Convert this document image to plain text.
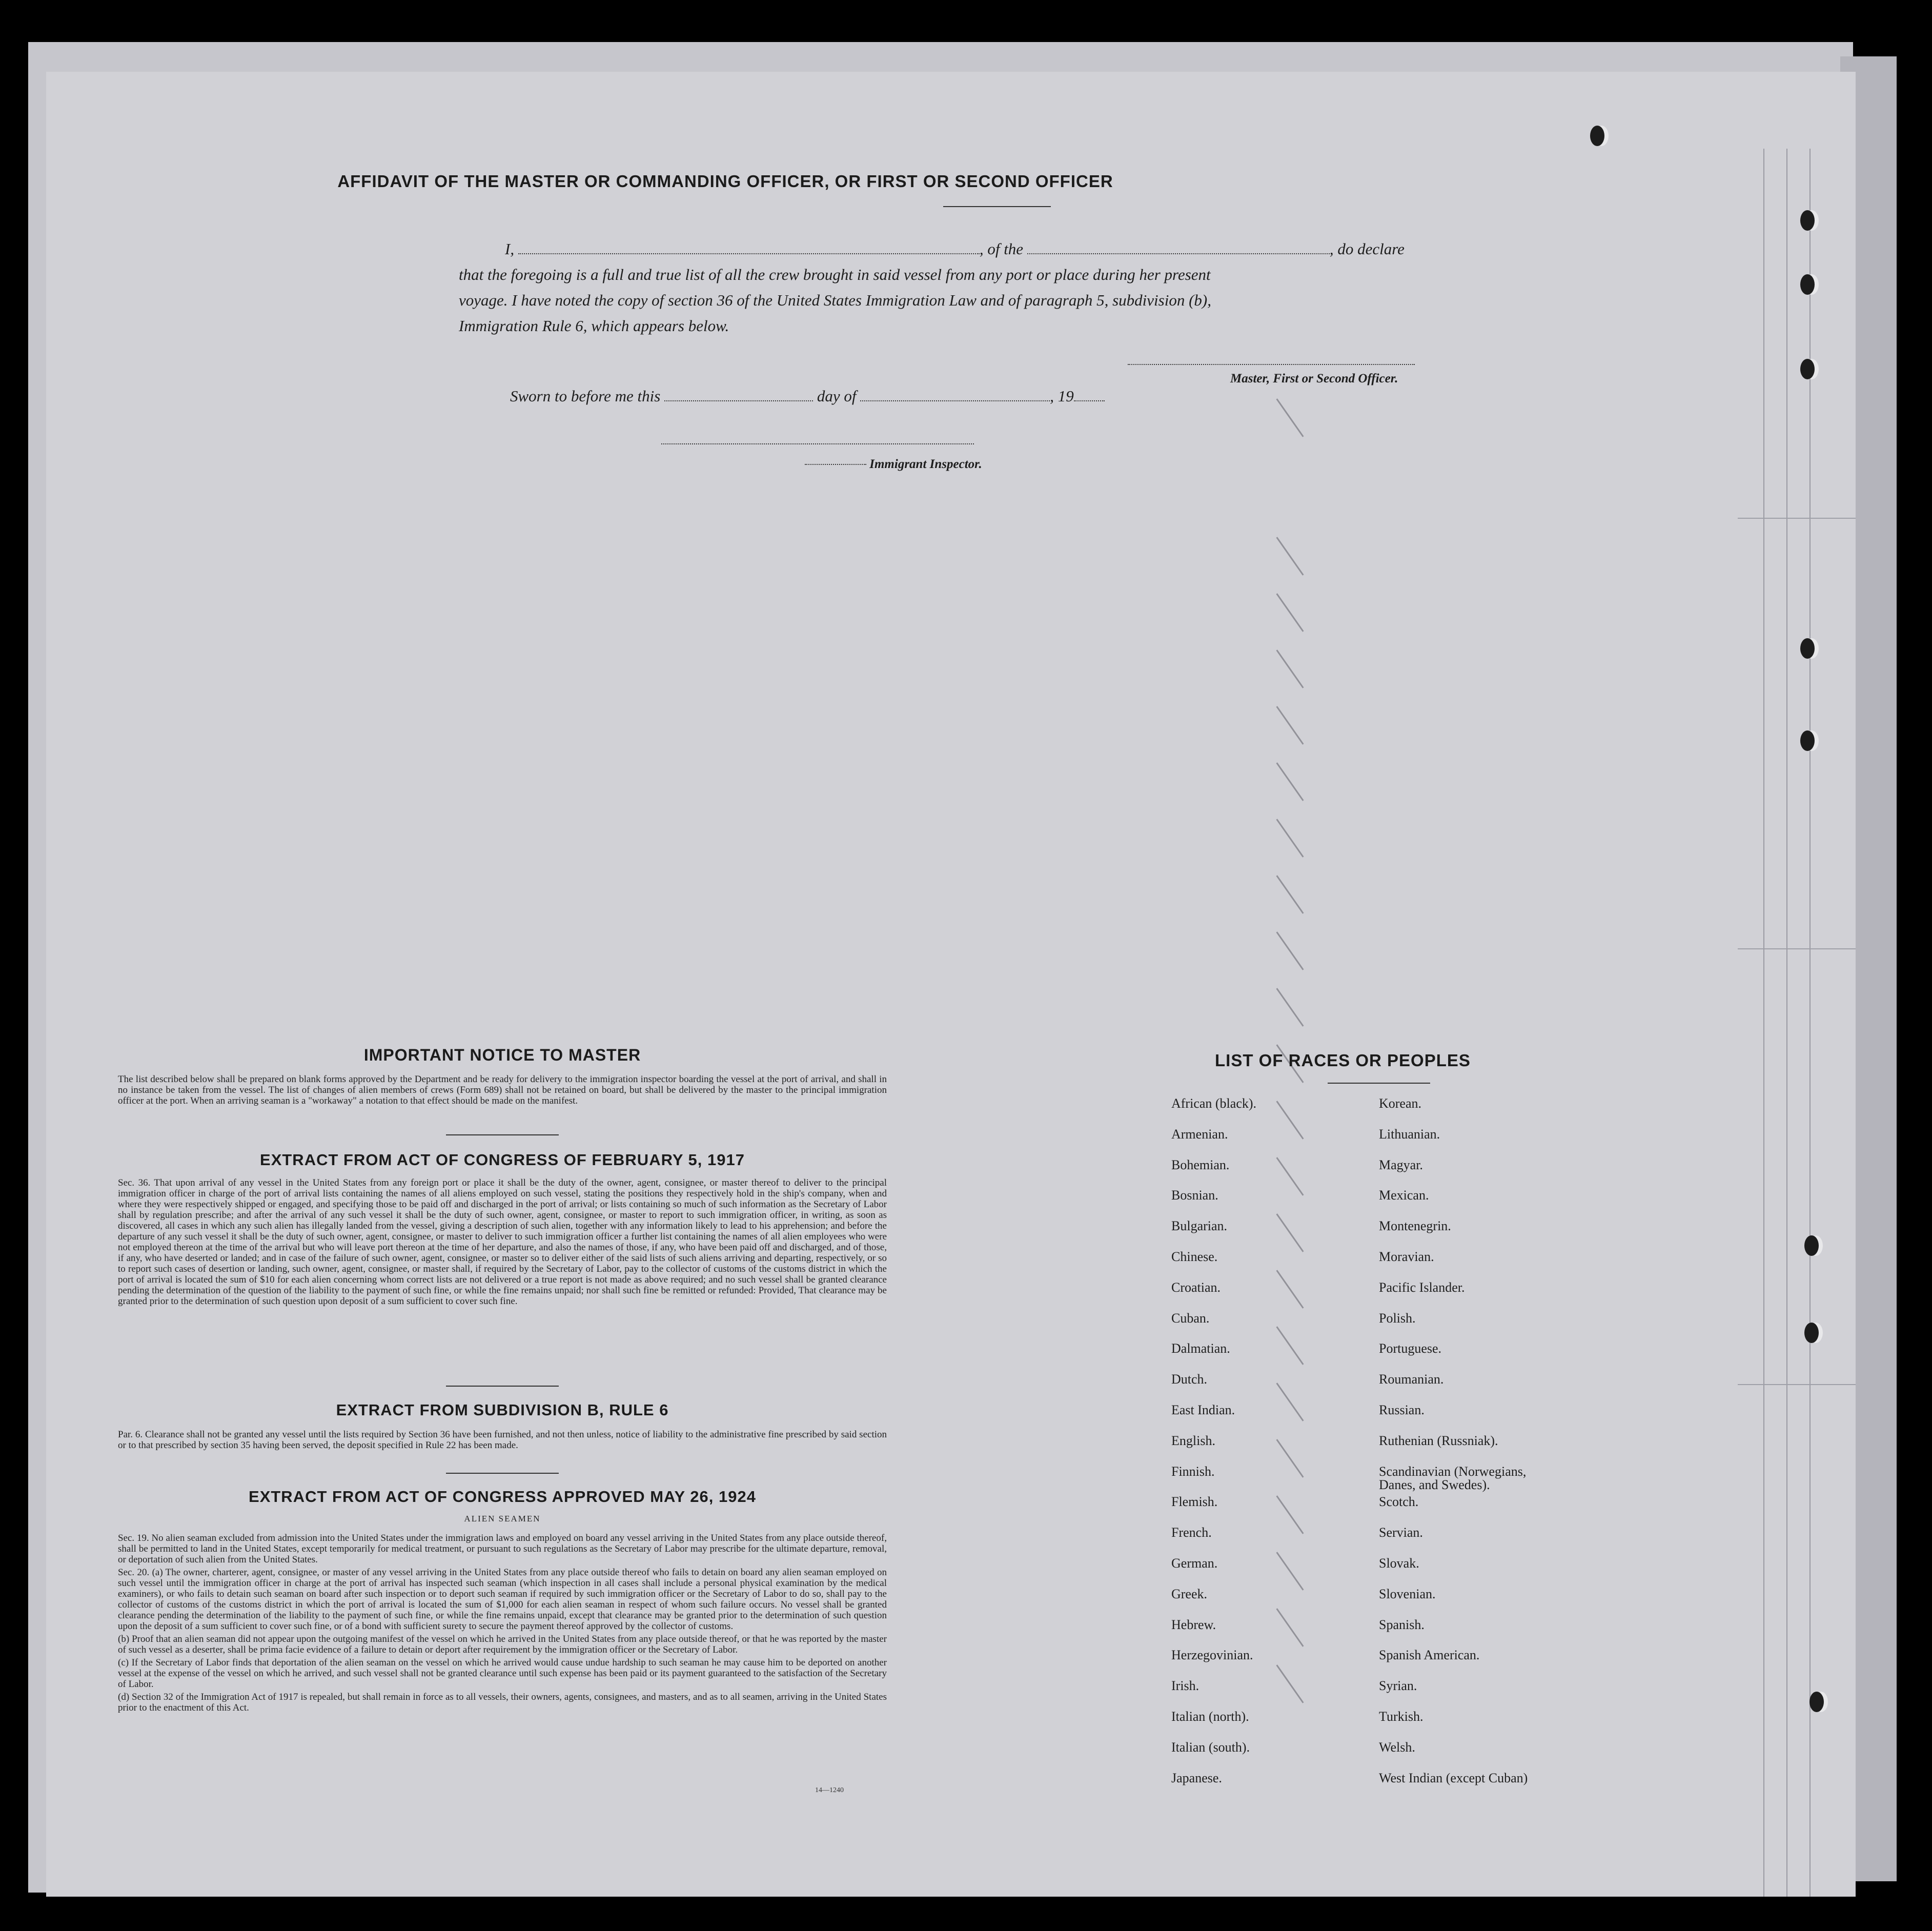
AFFIDAVIT OF THE MASTER OR COMMANDING OFFICER, OR FIRST OR SECOND OFFICER
I,	, of the	, do declare
that the foregoing is a full and true list of all the crew brought in said vessel from any port or place during her present
voyage. I have noted the copy of section 36 of the United States Immigration Law and of paragraph 5, subdivision (b),
Immigration Rule 6, which appears below.
Master, First or Second Officer.
Sworn to before me this	day of	, 19
Immigrant Inspector.
IMPORTANT NOTICE TO MASTER
The list described below shall be prepared on blank forms approved by the Department and be ready for delivery to the immigration inspector boarding the vessel at the port of arrival, and shall in no instance be taken from the vessel. The list of changes of alien members of crews (Form 689) shall not be retained on board, but shall be delivered by the master to the principal immigration officer at the port. When an arriving seaman is a "workaway" a notation to that effect should be made on the manifest.
EXTRACT FROM ACT OF CONGRESS OF FEBRUARY 5, 1917
Sec. 36. That upon arrival of any vessel in the United States from any foreign port or place it shall be the duty of the owner, agent, consignee, or master thereof to deliver to the principal immigration officer in charge of the port of arrival lists containing the names of all aliens employed on such vessel, stating the positions they respectively hold in the ship's company, when and where they were respectively shipped or engaged, and specifying those to be paid off and discharged in the port of arrival; or lists containing so much of such information as the Secretary of Labor shall by regulation prescribe; and after the arrival of any such vessel it shall be the duty of such owner, agent, consignee, or master to report to such immigration officer, in writing, as soon as discovered, all cases in which any such alien has illegally landed from the vessel, giving a description of such alien, together with any information likely to lead to his apprehension; and before the departure of any such vessel it shall be the duty of such owner, agent, consignee, or master to deliver to such immigration officer a further list containing the names of all alien employees who were not employed thereon at the time of the arrival but who will leave port thereon at the time of her departure, and also the names of those, if any, who have been paid off and discharged, and of those, if any, who have deserted or landed; and in case of the failure of such owner, agent, consignee, or master so to deliver either of the said lists of such aliens arriving and departing, respectively, or so to report such cases of desertion or landing, such owner, agent, consignee, or master shall, if required by the Secretary of Labor, pay to the collector of customs of the customs district in which the port of arrival is located the sum of $10 for each alien concerning whom correct lists are not delivered or a true report is not made as above required; and no such vessel shall be granted clearance pending the determination of the question of the liability to the payment of such fine, or while the fine remains unpaid; nor shall such fine be remitted or refunded: Provided, That clearance may be granted prior to the determination of such question upon deposit of a sum sufficient to cover such fine.
EXTRACT FROM SUBDIVISION B, RULE 6
Par. 6. Clearance shall not be granted any vessel until the lists required by Section 36 have been furnished, and not then unless, notice of liability to the administrative fine prescribed by said section or to that prescribed by section 35 having been served, the deposit specified in Rule 22 has been made.
EXTRACT FROM ACT OF CONGRESS APPROVED MAY 26, 1924
ALIEN SEAMEN
Sec. 19. No alien seaman excluded from admission into the United States under the immigration laws and employed on board any vessel arriving in the United States from any place outside thereof, shall be permitted to land in the United States, except temporarily for medical treatment, or pursuant to such regulations as the Secretary of Labor may prescribe for the ultimate departure, removal, or deportation of such alien from the United States.
Sec. 20. (a) The owner, charterer, agent, consignee, or master of any vessel arriving in the United States from any place outside thereof who fails to detain on board any alien seaman employed on such vessel until the immigration officer in charge at the port of arrival has inspected such seaman (which inspection in all cases shall include a personal physical examination by the medical examiners), or who fails to detain such seaman on board after such inspection or to deport such seaman if required by such immigration officer or the Secretary of Labor to do so, shall pay to the collector of customs of the customs district in which the port of arrival is located the sum of $1,000 for each alien seaman in respect of whom such failure occurs. No vessel shall be granted clearance pending the determination of the liability to the payment of such fine, or while the fine remains unpaid, except that clearance may be granted prior to the determination of such question upon the deposit of a sum sufficient to cover such fine, or of a bond with sufficient surety to secure the payment thereof approved by the collector of customs.
(b) Proof that an alien seaman did not appear upon the outgoing manifest of the vessel on which he arrived in the United States from any place outside thereof, or that he was reported by the master of such vessel as a deserter, shall be prima facie evidence of a failure to detain or deport after requirement by the immigration officer or the Secretary of Labor.
(c) If the Secretary of Labor finds that deportation of the alien seaman on the vessel on which he arrived would cause undue hardship to such seaman he may cause him to be deported on another vessel at the expense of the vessel on which he arrived, and such vessel shall not be granted clearance until such expense has been paid or its payment guaranteed to the satisfaction of the Secretary of Labor.
(d) Section 32 of the Immigration Act of 1917 is repealed, but shall remain in force as to all vessels, their owners, agents, consignees, and masters, and as to all seamen, arriving in the United States prior to the enactment of this Act.
14—1240
LIST OF RACES OR PEOPLES
African (black).
Armenian.
Bohemian.
Bosnian.
Bulgarian.
Chinese.
Croatian.
Cuban.
Dalmatian.
Dutch.
East Indian.
English.
Finnish.
Flemish.
French.
German.
Greek.
Hebrew.
Herzegovinian.
Irish.
Italian (north).
Italian (south).
Japanese.
Korean.
Lithuanian.
Magyar.
Mexican.
Montenegrin.
Moravian.
Pacific Islander.
Polish.
Portuguese.
Roumanian.
Russian.
Ruthenian (Russniak).
Scandinavian (Norwegians,
Danes, and Swedes).
Scotch.
Servian.
Slovak.
Slovenian.
Spanish.
Spanish American.
Syrian.
Turkish.
Welsh.
West Indian (except Cuban)
